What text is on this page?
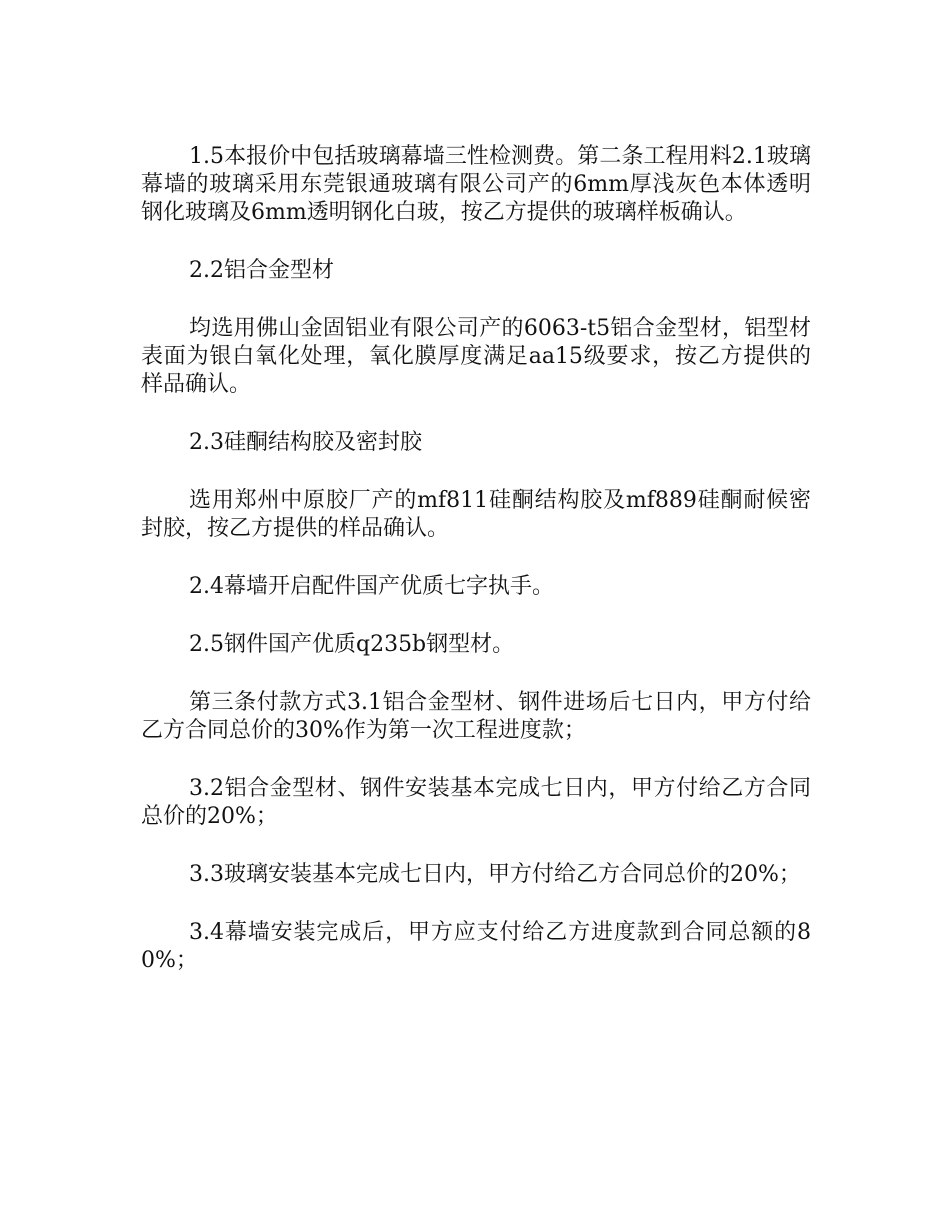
1.5本报价中包括玻璃幕墙三性检测费。第二条工程用料2.1玻璃幕墙的玻璃采用东莞银通玻璃有限公司产的6mm厚浅灰色本体透明钢化玻璃及6mm透明钢化白玻，按乙方提供的玻璃样板确认。

2.2铝合金型材

均选用佛山金固铝业有限公司产的6063-t5铝合金型材，铝型材表面为银白氧化处理，氧化膜厚度满足aa15级要求，按乙方提供的样品确认。

2.3硅酮结构胶及密封胶

选用郑州中原胶厂产的mf811硅酮结构胶及mf889硅酮耐候密封胶，按乙方提供的样品确认。

2.4幕墙开启配件国产优质七字执手。

2.5钢件国产优质q235b钢型材。

第三条付款方式3.1铝合金型材、钢件进场后七日内，甲方付给乙方合同总价的30%作为第一次工程进度款；

3.2铝合金型材、钢件安装基本完成七日内，甲方付给乙方合同总价的20%；

3.3玻璃安装基本完成七日内，甲方付给乙方合同总价的20%；

3.4幕墙安装完成后，甲方应支付给乙方进度款到合同总额的80%；
